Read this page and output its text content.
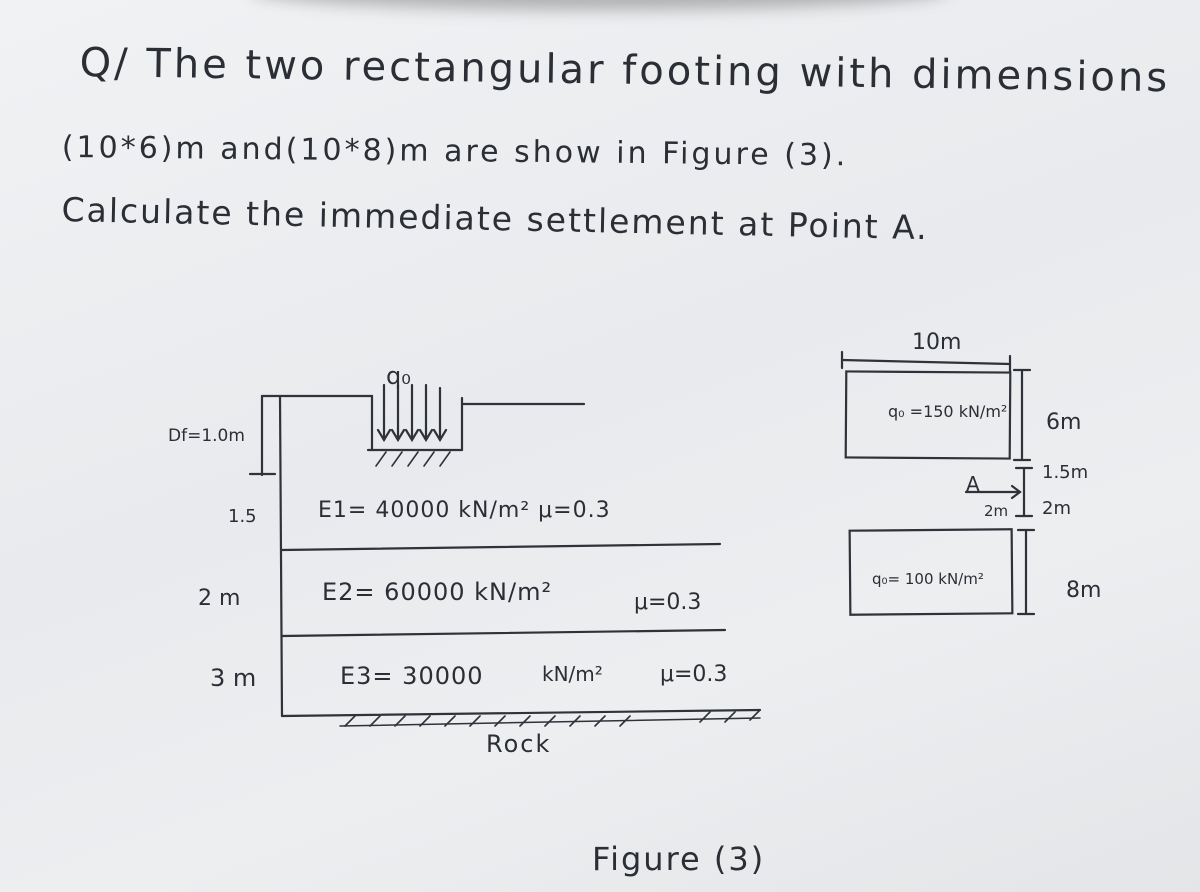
Q/ The two rectangular footing with dimensions
(10*6)m and(10*8)m are show in Figure (3).
Calculate the immediate settlement at Point A.
q₀
Df=1.0m
1.5
2 m
3 m
E1= 40000 kN/m² μ=0.3
E2= 60000 kN/m²	μ=0.3
E3= 30000	kN/m²	μ=0.3
Rock
10m
q₀ =150 kN/m² 6m
1.5m
A
2m 2m
q₀= 100 kN/m²	8m
Figure (3)
